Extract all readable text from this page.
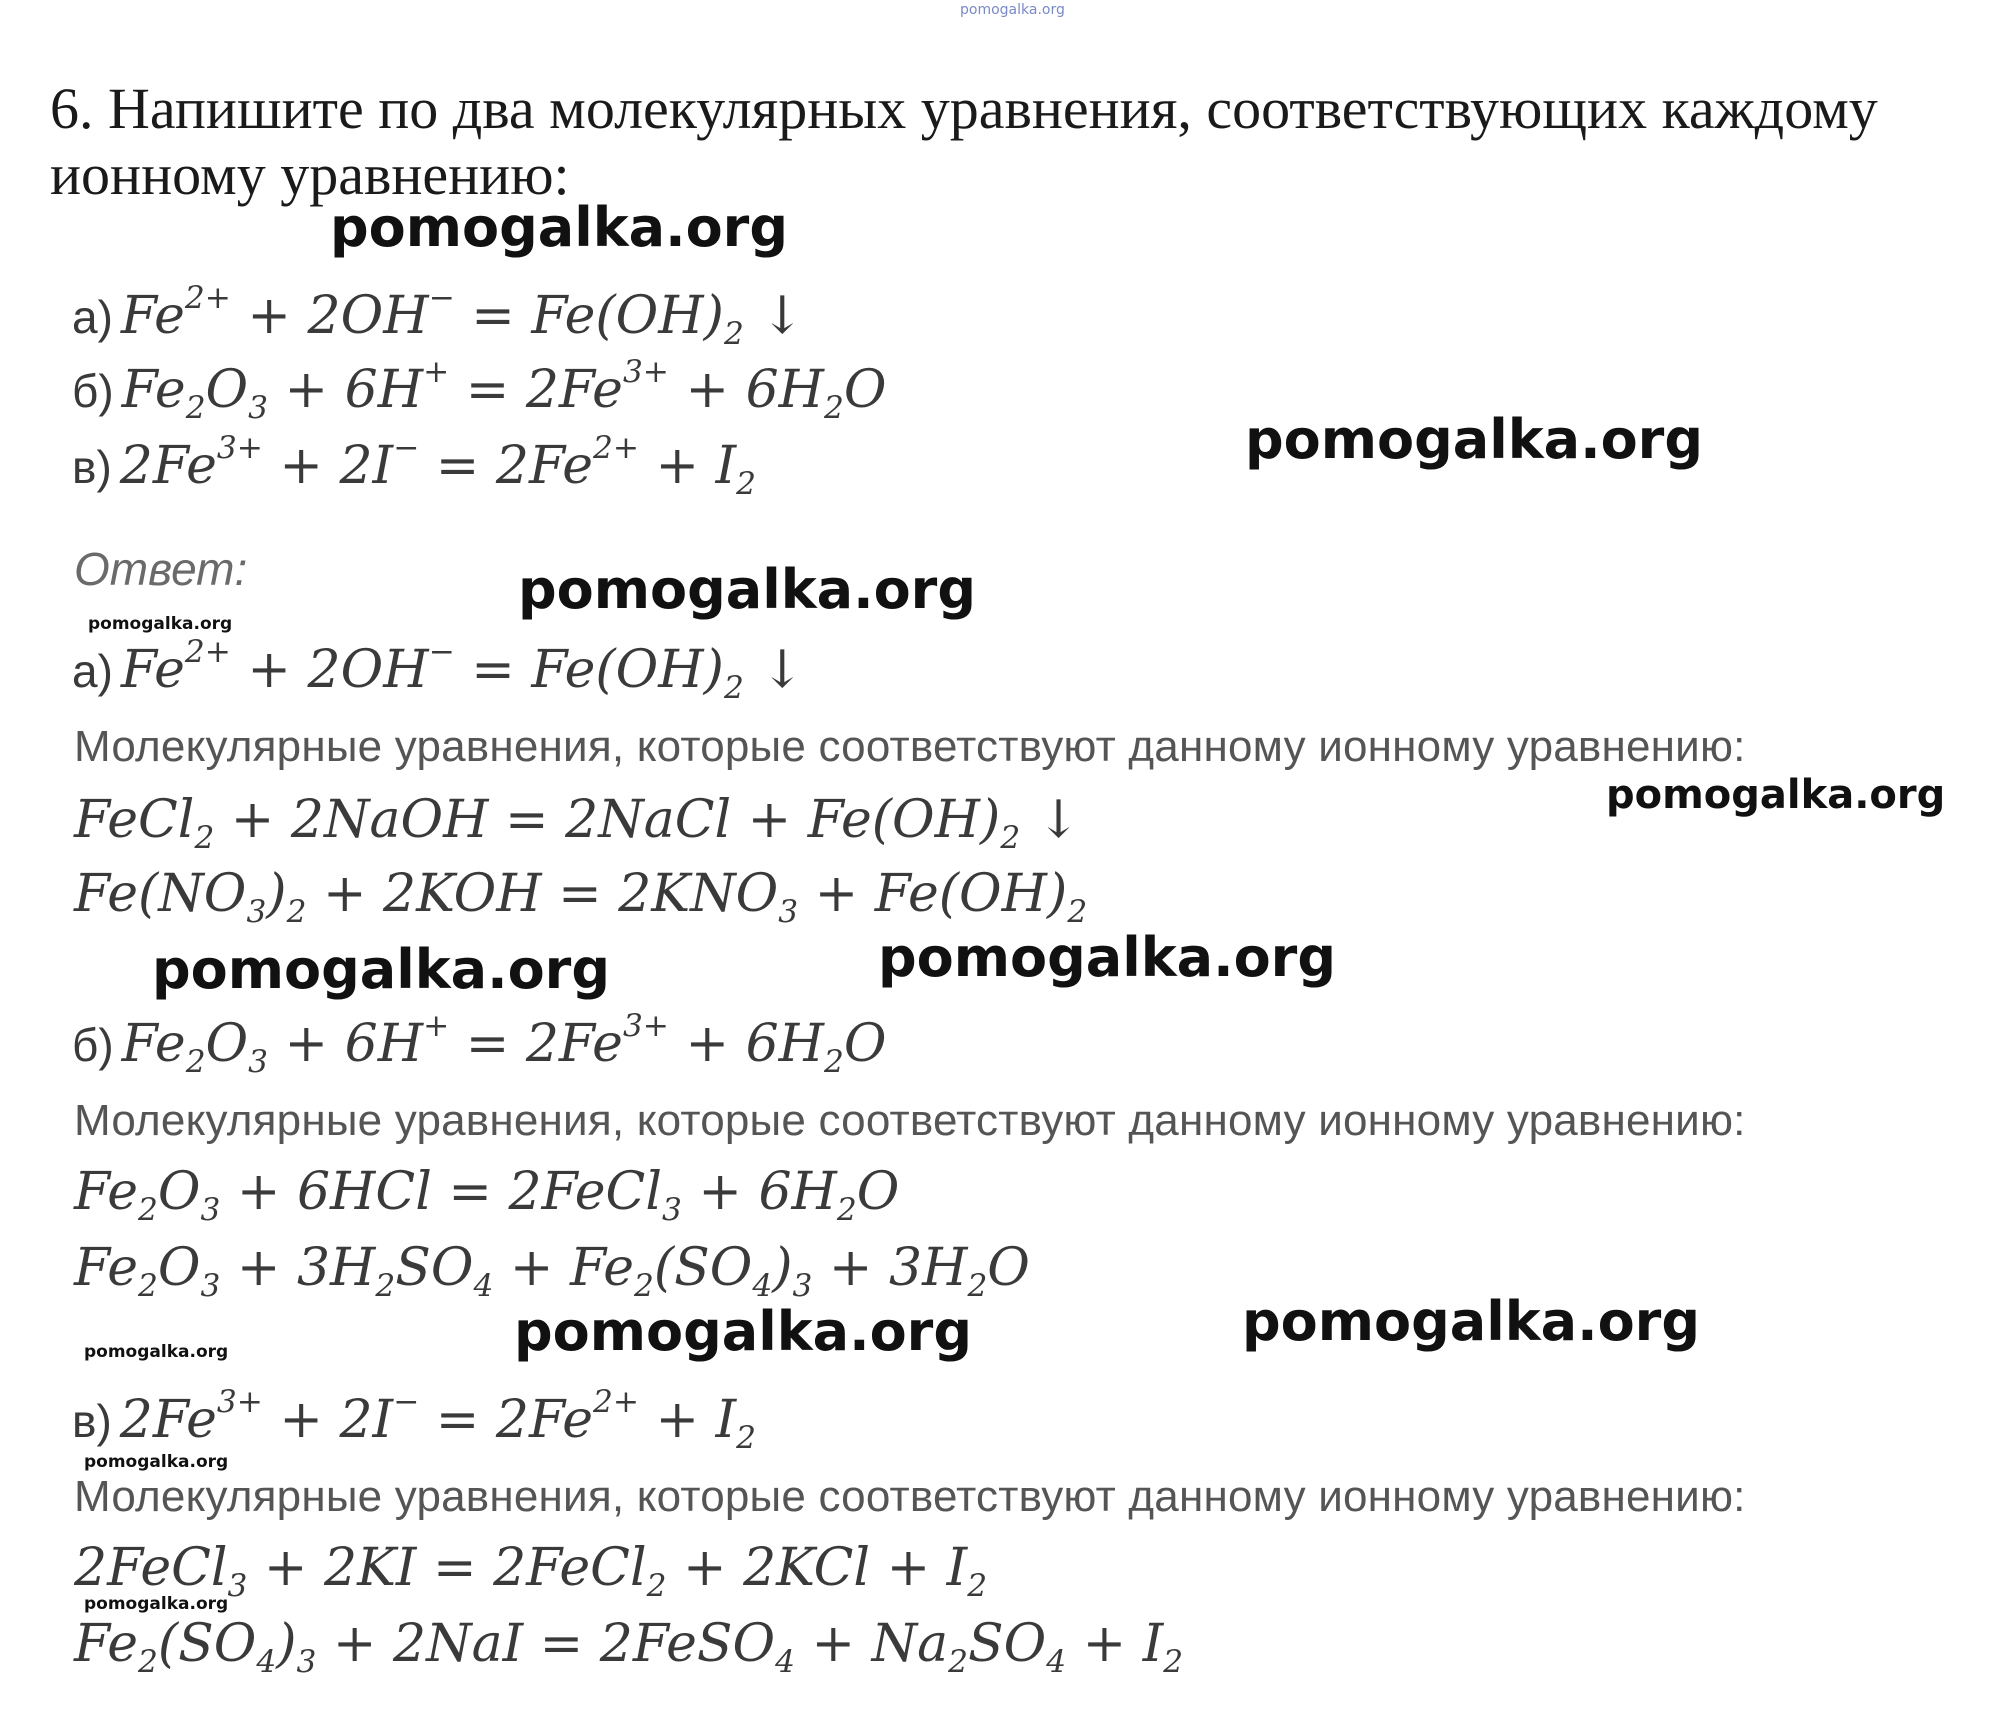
pomogalka.org
6. Напишите по два молекулярных уравнения, соответствующих каждому
ионному уравнению:
а) $Fe^{2+} + 2OH^- = Fe(OH)_2$ ↓
б) $Fe_2O_3 + 6H^+ = 2Fe^{3+} + 6H_2O$
в) $2Fe^{3+} + 2I^- = 2Fe^{2+} + I_2$
Ответ:
а) $Fe^{2+} + 2OH^- = Fe(OH)_2$ ↓
Молекулярные уравнения, которые соответствуют данному ионному уравнению:
FeCl$_2$ + 2NaOH = 2NaCl + $Fe(OH)_2$ ↓
$Fe(NO_3)_2 + 2KOH = 2KNO_3 + Fe(OH)_2$
б) $Fe_2O_3 + 6H^+ = 2Fe^{3+} + 6H_2O$
Молекулярные уравнения, которые соответствуют данному ионному уравнению:
$Fe_2O_3 + 6HCl$ = 2FeCl$_3$ + $6H_2O$
$Fe_2O_3 + 3H_2SO_4 + Fe_2(SO_4)_3 + 3H_2O$
в) $2Fe^{3+} + 2I^- = 2Fe^{2+} + I_2$
Молекулярные уравнения, которые соответствуют данному ионному уравнению:
2FeCl$_3$ + 2KI = 2FeCl$_2$ + $2KCl + I_2$
$Fe_2(SO_4)_3 + 2NaI$ = 2FeSO$_4$ + $Na_2SO_4 + I_2$
pomogalka.org
pomogalka.org
pomogalka.org
pomogalka.org
pomogalka.org
pomogalka.org	pomogalka.org
pomogalka.org	pomogalka.org
pomogalka.org
pomogalka.org
pomogalka.org
